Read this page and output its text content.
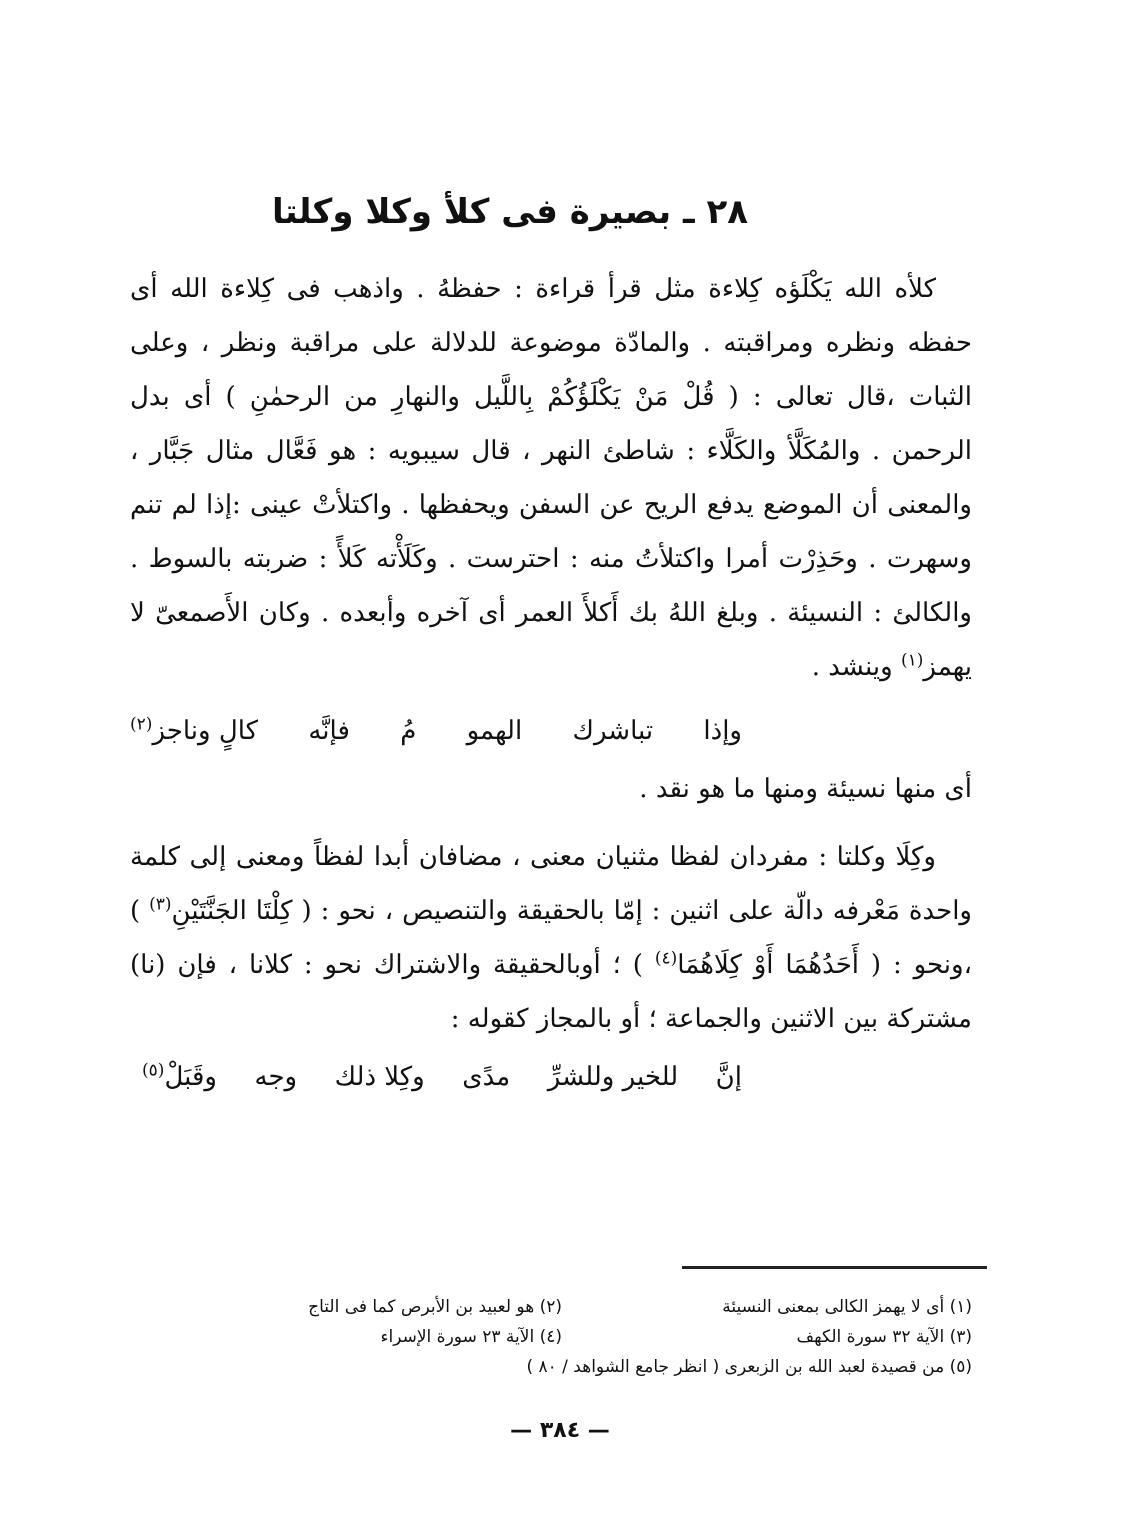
٢٨ ـ بصيرة فى كلأ وكلا وكلتا

كلأه الله يَكْلَؤه كِلاءة مثل قرأ قراءة : حفظهُ . واذهب فى كِلاءة الله أى حفظه ونظره ومراقبته . والمادّة موضوعة للدلالة على مراقبة ونظر ، وعلى الثبات ،قال تعالى : ( قُلْ مَنْ يَكْلَؤُكُمْ بِاللَّيل والنهارِ من الرحمٰنِ ) أى بدل الرحمن . والمُكَلَّأ والكَلَّاء : شاطئ النهر ، قال سيبويه : هو فَعَّال مثال جَبَّار ، والمعنى أن الموضع يدفع الريح عن السفن ويحفظها . واكتلأتْ عينى :إذا لم تنم وسهرت . وحَذِرْت أمرا واكتلأتُ منه : احترست . وكَلَأْته كَلأً : ضربته بالسوط . والكالئ : النسيئة . وبلغ اللهُ بك أَكلأَ العمر أى آخره وأبعده . وكان الأَصمعىّ لا يهمز$^{(١)}$ وينشد .

وإذا
تباشرك
الهمو
مُ
فإنَّه
كالٍ وناجز$^{(٢)}$

أى منها نسيئة ومنها ما هو نقد .

وكِلَا وكلتا : مفردان لفظا مثنيان معنى ، مضافان أبدا لفظاً ومعنى إلى كلمة واحدة مَعْرفه دالّة على اثنين : إمّا بالحقيقة والتنصيص ، نحو : ( كِلْتَا الجَنَّتَيْنِ$^{(٣)}$ ) ،ونحو : ( أَحَدُهُمَا أَوْ كِلَاهُمَا$^{(٤)}$ ) ؛ أوبالحقيقة والاشتراك نحو : كلانا ، فإن (نا) مشتركة بين الاثنين والجماعة ؛ أو بالمجاز كقوله :

إنَّ
للخير وللشرِّ
مدًى
وكِلا ذلك
وجه
وقَبَلْ$^{(٥)}$
(١) أى لا يهمز الكالى بمعنى النسيئة
(٢) هو لعبيد بن الأبرص كما فى التاج
(٣) الآية ٣٢ سورة الكهف
(٤) الآية ٢٣ سورة الإسراء
(٥) من قصيدة لعبد الله بن الزبعرى ( انظر جامع الشواهد / ٨٠ )
— ٣٨٤ —
